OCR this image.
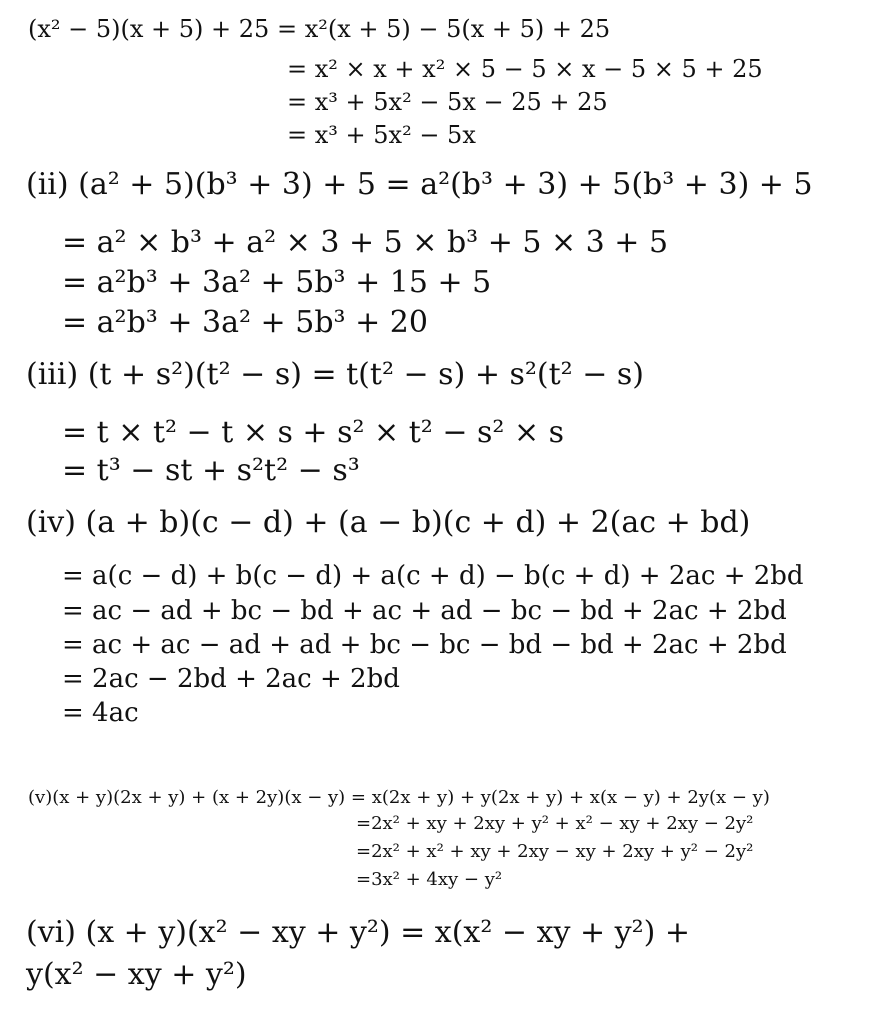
(x² − 5)(x + 5) + 25 = x²(x + 5) − 5(x + 5) + 25
= x² × x + x² × 5 − 5 × x − 5 × 5 + 25
= x³ + 5x² − 5x − 25 + 25
= x³ + 5x² − 5x
(ii) (a² + 5)(b³ + 3) + 5 = a²(b³ + 3) + 5(b³ + 3) + 5
= a² × b³ + a² × 3 + 5 × b³ + 5 × 3 + 5
= a²b³ + 3a² + 5b³ + 15 + 5
= a²b³ + 3a² + 5b³ + 20
(iii) (t + s²)(t² − s) = t(t² − s) + s²(t² − s)
= t × t² − t × s + s² × t² − s² × s
= t³ − st + s²t² − s³
(iv) (a + b)(c − d) + (a − b)(c + d) + 2(ac + bd)
= a(c − d) + b(c − d) + a(c + d) − b(c + d) + 2ac + 2bd
= ac − ad + bc − bd + ac + ad − bc − bd + 2ac + 2bd
= ac + ac − ad + ad + bc − bc − bd − bd + 2ac + 2bd
= 2ac − 2bd + 2ac + 2bd
= 4ac
(v)(x + y)(2x + y) + (x + 2y)(x − y) = x(2x + y) + y(2x + y) + x(x − y) + 2y(x − y)
=2x² + xy + 2xy + y² + x² − xy + 2xy − 2y²
=2x² + x² + xy + 2xy − xy + 2xy + y² − 2y²
=3x² + 4xy − y²
(vi) (x + y)(x² − xy + y²) = x(x² − xy + y²) +
y(x² − xy + y²)
